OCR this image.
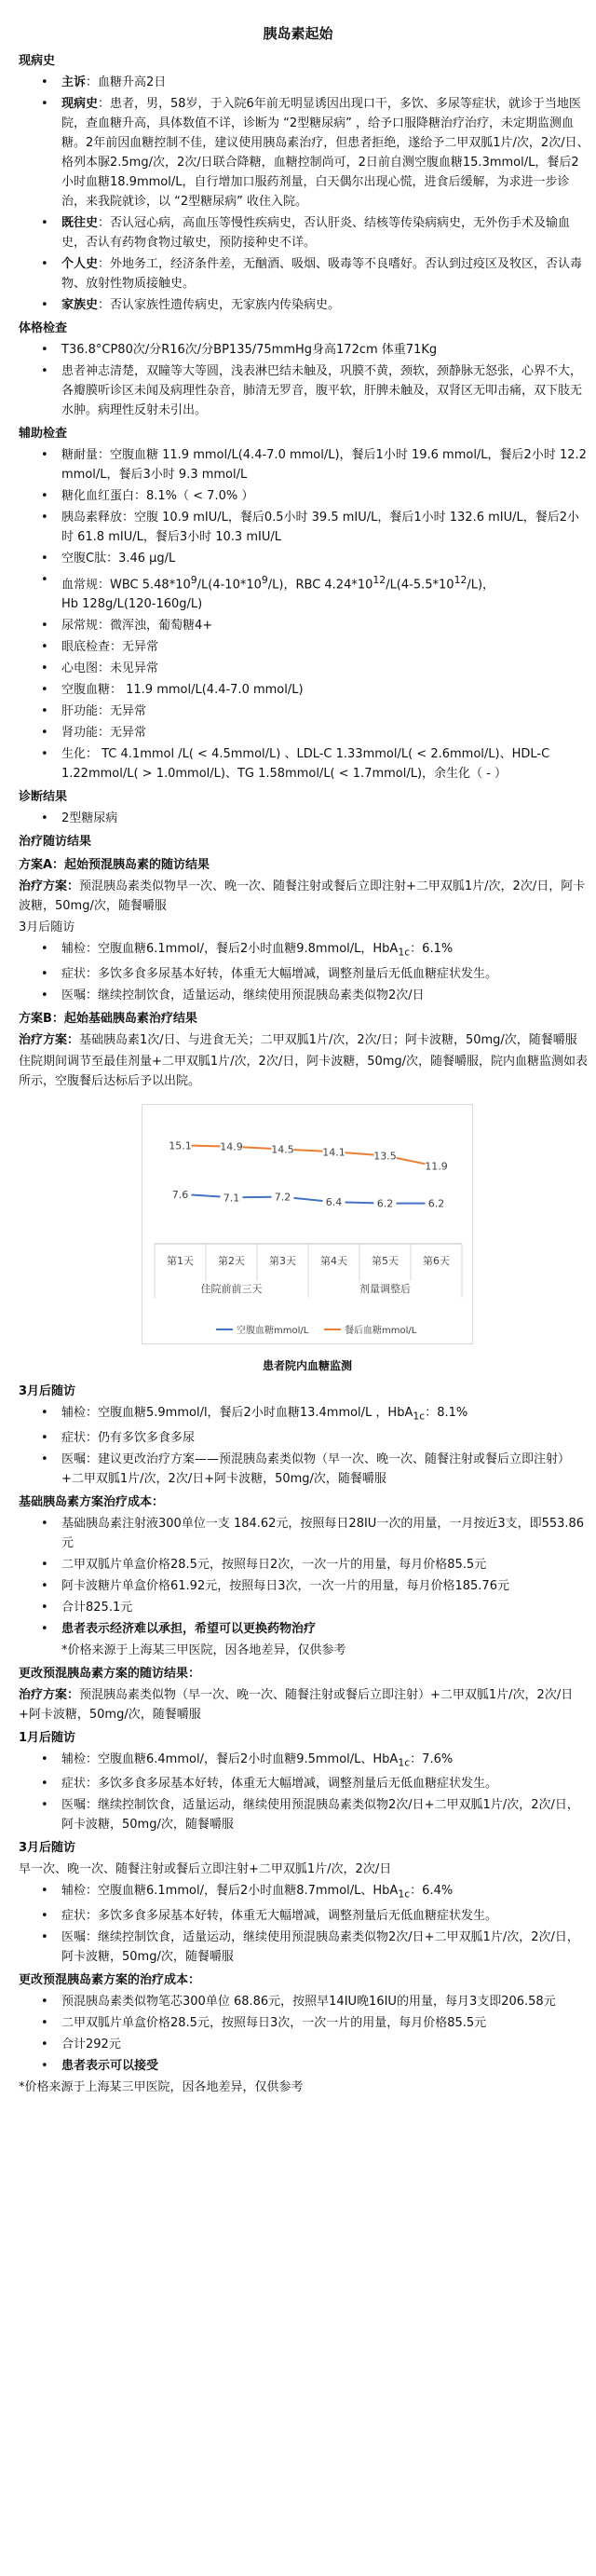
胰岛素起始
现病史
• 主诉：血糖升高2日
• 现病史：患者，男，58岁，于入院6年前无明显诱因出现口干，多饮、多尿等症状，就诊于当地医院，查血糖升高，具体数值不详，诊断为 “2型糖尿病” ，给予口服降糖治疗治疗，未定期监测血糖。2年前因血糖控制不佳，建议使用胰岛素治疗，但患者拒绝，遂给予二甲双胍1片/次，2次/日、格列本脲2.5mg/次，2次/日联合降糖，血糖控制尚可，2日前自测空腹血糖15.3mmol/L，餐后2小时血糖18.9mmol/L，自行增加口服药剂量，白天偶尔出现心慌，进食后缓解，为求进一步诊治，来我院就诊，以 “2型糖尿病” 收住入院。
• 既往史：否认冠心病，高血压等慢性疾病史，否认肝炎、结核等传染病病史，无外伤手术及输血史，否认有药物食物过敏史，预防接种史不详。
• 个人史：外地务工，经济条件差，无酗酒、吸烟、吸毒等不良嗜好。否认到过疫区及牧区，否认毒物、放射性物质接触史。
• 家族史：否认家族性遗传病史，无家族内传染病史。
体格检查
• T36.8°CP80次/分R16次/分BP135/75mmHg身高172cm 体重71Kg
• 患者神志清楚，双瞳等大等圆，浅表淋巴结未触及，巩膜不黄，颈软，颈静脉无怒张，心界不大，各瓣膜听诊区未闻及病理性杂音，肺清无罗音，腹平软，肝脾未触及，双肾区无叩击痛，双下肢无水肿。病理性反射未引出。
辅助检查
• 糖耐量：空腹血糖 11.9 mmol/L(4.4-7.0 mmol/L)，餐后1小时 19.6 mmol/L，餐后2小时 12.2 mmol/L，餐后3小时 9.3 mmol/L
• 糖化血红蛋白：8.1%（ < 7.0% ）
• 胰岛素释放：空腹 10.9 mIU/L，餐后0.5小时 39.5 mIU/L，餐后1小时 132.6 mIU/L，餐后2小时 61.8 mIU/L，餐后3小时 10.3 mIU/L
• 空腹C肽：3.46 μg/L
• 血常规：WBC $5.48*10^9/L(4-10*10^9/L)$，RBC $4.24*10^{12}/L(4-5.5*10^{12}/L)$，
Hb 128g/L(120-160g/L)
• 尿常规：微浑浊，葡萄糖4+
• 眼底检查：无异常
• 心电图：未见异常
• 空腹血糖： 11.9 mmol/L(4.4-7.0 mmol/L)
• 肝功能：无异常
• 肾功能：无异常
• 生化： TC 4.1mmol /L( < 4.5mmol/L) 、LDL-C 1.33mmol/L( < 2.6mmol/L)、HDL-C 1.22mmol/L( > 1.0mmol/L)、TG 1.58mmol/L( < 1.7mmol/L)，余生化（ - ）
诊断结果
• 2型糖尿病
治疗随访结果
方案A：起始预混胰岛素的随访结果
治疗方案：预混胰岛素类似物早一次、晚一次、随餐注射或餐后立即注射+二甲双胍1片/次，2次/日，阿卡波糖，50mg/次，随餐嚼服
3月后随访
• 辅检：空腹血糖6.1mmol/，餐后2小时血糖9.8mmol/L，HbA$_{1c}$：6.1%
• 症状：多饮多食多尿基本好转，体重无大幅增减，调整剂量后无低血糖症状发生。
• 医嘱：继续控制饮食，适量运动，继续使用预混胰岛素类似物2次/日
方案B：起始基础胰岛素治疗结果
治疗方案：基础胰岛素1次/日、与进食无关；二甲双胍1片/次，2次/日；阿卡波糖，50mg/次，随餐嚼服
住院期间调节至最佳剂量+二甲双胍1片/次，2次/日，阿卡波糖，50mg/次，随餐嚼服，院内血糖监测如表所示，空腹餐后达标后予以出院。
第1天 第2天 第3天 第4天 第5天 第6天
住院前前三天	剂量调整后
7.6	7.1	7.2	6.4	6.2	6.2
15.1	14.9	14.5	14.1	13.5
11.9
空腹血糖mmol/L	餐后血糖mmol/L
患者院内血糖监测
3月后随访
• 辅检：空腹血糖5.9mmol/l，餐后2小时血糖13.4mmol/L ，HbA$_{1c}$：8.1%
• 症状：仍有多饮多食多尿
• 医嘱：建议更改治疗方案——预混胰岛素类似物（早一次、晚一次、随餐注射或餐后立即注射）+二甲双胍1片/次，2次/日+阿卡波糖，50mg/次，随餐嚼服
基础胰岛素方案治疗成本：
• 基础胰岛素注射液300单位一支 184.62元，按照每日28IU一次的用量，一月按近3支，即553.86元
• 二甲双胍片单盒价格28.5元，按照每日2次，一次一片的用量，每月价格85.5元
• 阿卡波糖片单盒价格61.92元，按照每日3次，一次一片的用量，每月价格185.76元
• 合计825.1元
• 患者表示经济难以承担，希望可以更换药物治疗
*价格来源于上海某三甲医院，因各地差异，仅供参考
更改预混胰岛素方案的随访结果：
治疗方案：预混胰岛素类似物（早一次、晚一次、随餐注射或餐后立即注射）+二甲双胍1片/次，2次/日+阿卡波糖，50mg/次，随餐嚼服
1月后随访
• 辅检：空腹血糖6.4mmol/，餐后2小时血糖9.5mmol/L、HbA$_{1c}$：7.6%
• 症状：多饮多食多尿基本好转，体重无大幅增减，调整剂量后无低血糖症状发生。
• 医嘱：继续控制饮食，适量运动，继续使用预混胰岛素类似物2次/日+二甲双胍1片/次，2次/日，阿卡波糖，50mg/次，随餐嚼服
3月后随访
早一次、晚一次、随餐注射或餐后立即注射+二甲双胍1片/次，2次/日
• 辅检：空腹血糖6.1mmol/，餐后2小时血糖8.7mmol/L、HbA$_{1c}$：6.4%
• 症状：多饮多食多尿基本好转，体重无大幅增减，调整剂量后无低血糖症状发生。
• 医嘱：继续控制饮食，适量运动，继续使用预混胰岛素类似物2次/日+二甲双胍1片/次，2次/日，阿卡波糖，50mg/次，随餐嚼服
更改预混胰岛素方案的治疗成本：
• 预混胰岛素类似物笔芯300单位 68.86元，按照早14IU晚16IU的用量，每月3支即206.58元
• 二甲双胍片单盒价格28.5元，按照每日3次，一次一片的用量，每月价格85.5元
• 合计292元
• 患者表示可以接受
*价格来源于上海某三甲医院，因各地差异，仅供参考
